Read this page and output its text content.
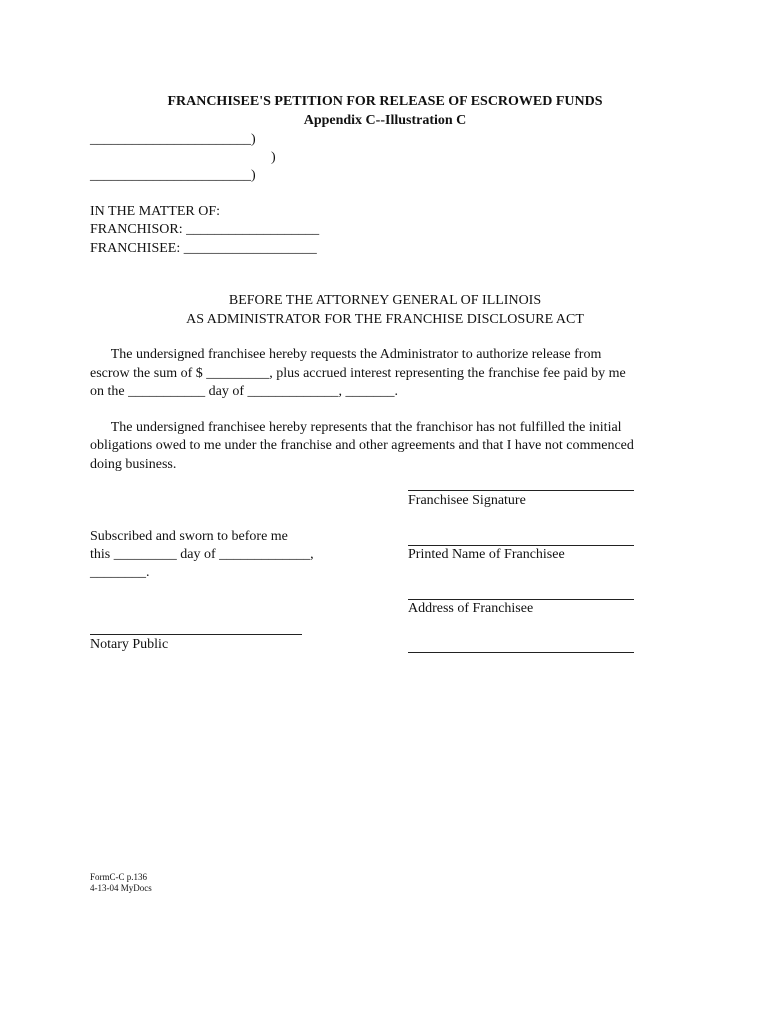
FRANCHISEE'S PETITION FOR RELEASE OF ESCROWED FUNDS
Appendix C--Illustration C
_______________________)
)
_______________________)
IN THE MATTER OF:
FRANCHISOR: ___________________
FRANCHISEE: ___________________
BEFORE THE ATTORNEY GENERAL OF ILLINOIS
AS ADMINISTRATOR FOR THE FRANCHISE DISCLOSURE ACT
The undersigned franchisee hereby requests the Administrator to authorize release from
escrow the sum of $ _________, plus accrued interest representing the franchise fee paid by me
on the ___________ day of _____________, _______.
The undersigned franchisee hereby represents that the franchisor has not fulfilled the initial
obligations owed to me under the franchise and other agreements and that I have not commenced
doing business.
Franchisee Signature
Printed Name of Franchisee
Address of Franchisee
Subscribed and sworn to before me
this _________ day of _____________,
________.
Notary Public
FormC-C p.136
4-13-04 MyDocs
